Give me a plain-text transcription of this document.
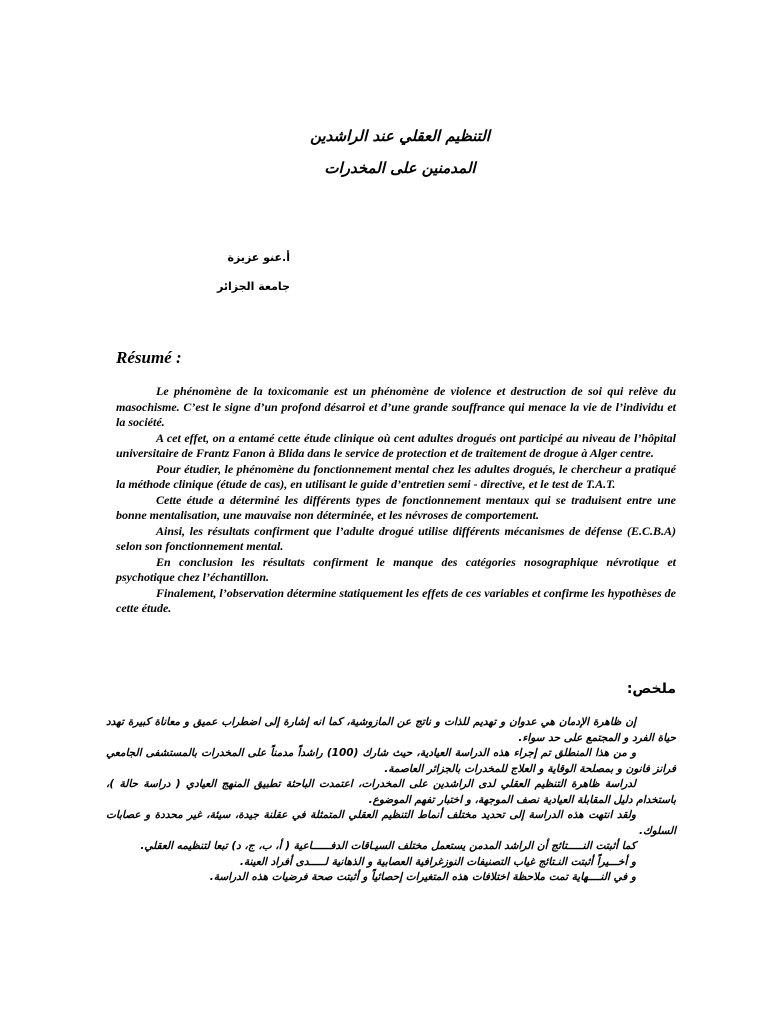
التنظيم العقلي عند الراشدين
المدمنين على المخدرات
أ.عنو عزيزة
جامعة الجزائر
Résumé :

Le phénomène de la toxicomanie est un phénomène de violence et destruction de soi qui relève du masochisme. C’est le signe d’un profond désarroi et d’une grande souffrance qui menace la vie de l’individu et la société.

A cet effet, on a entamé cette étude clinique où cent adultes drogués ont participé au niveau de l’hôpital universitaire de Frantz Fanon à Blida dans le service de protection et de traitement de drogue à Alger centre.

Pour étudier, le phénomène du fonctionnement mental chez les adultes drogués, le chercheur a pratiqué la méthode clinique (étude de cas), en utilisant le guide d’entretien semi - directive, et le test de T.A.T.

Cette étude a déterminé les différents types de fonctionnement mentaux qui se traduisent entre une bonne mentalisation, une mauvaise non déterminée, et les névroses de comportement.

Ainsi, les résultats confirment que l’adulte drogué utilise différents mécanismes de défense (E.C.B.A) selon son fonctionnement mental.

En conclusion les résultats confirment le manque des catégories nosographique névrotique et psychotique chez l’échantillon.

Finalement, l’observation détermine statiquement les effets de ces variables et confirme les hypothèses de cette étude.

ملخص:

إن ظاهرة الإدمان هي عدوان و تهديم للذات و ناتج عن المازوشية، كما انه إشارة إلى اضطراب عميق و معاناة كبيرة تهدد حياة الفرد و المجتمع على حد سواء.

و من هذا المنطلق تم إجراء هذه الدراسة العيادية، حيث شارك (100) راشداً مدمناً على المخدرات بالمستشفى الجامعي فرانز فانون و بمصلحة الوقاية و العلاج للمخدرات بالجزائر العاصمة.

لدراسة ظاهرة التنظيم العقلي لدى الراشدين على المخدرات، اعتمدت الباحثة تطبيق المنهج العيادي ( دراسة حالة )، باستخدام دليل المقابلة العيادية نصف الموجهة، و اختبار تفهم الموضوع.

ولقد انتهت هذه الدراسة إلى تحديد مختلف أنماط التنظيم العقلي المتمثلة في عقلنة جيدة، سيئة، غير محددة و عصابات السلوك.

كما أثبتت النـــــتائج أن الراشد المدمن يستعمل مختلف السيـاقات الدفــــــاعية ( أ، ب، ج، د) تبعا لتنظيمه العقلي.

و أخـــيراً أثبتت النـتائج غياب التصنيفات النوزغرافية العصابية و الذهانية لـــــدى أفراد العينة.

و في النــــهاية تمت ملاحظة اختلافات هذه المتغيرات إحصائياً و أثبتت صحة فرضيات هذه الدراسة.
